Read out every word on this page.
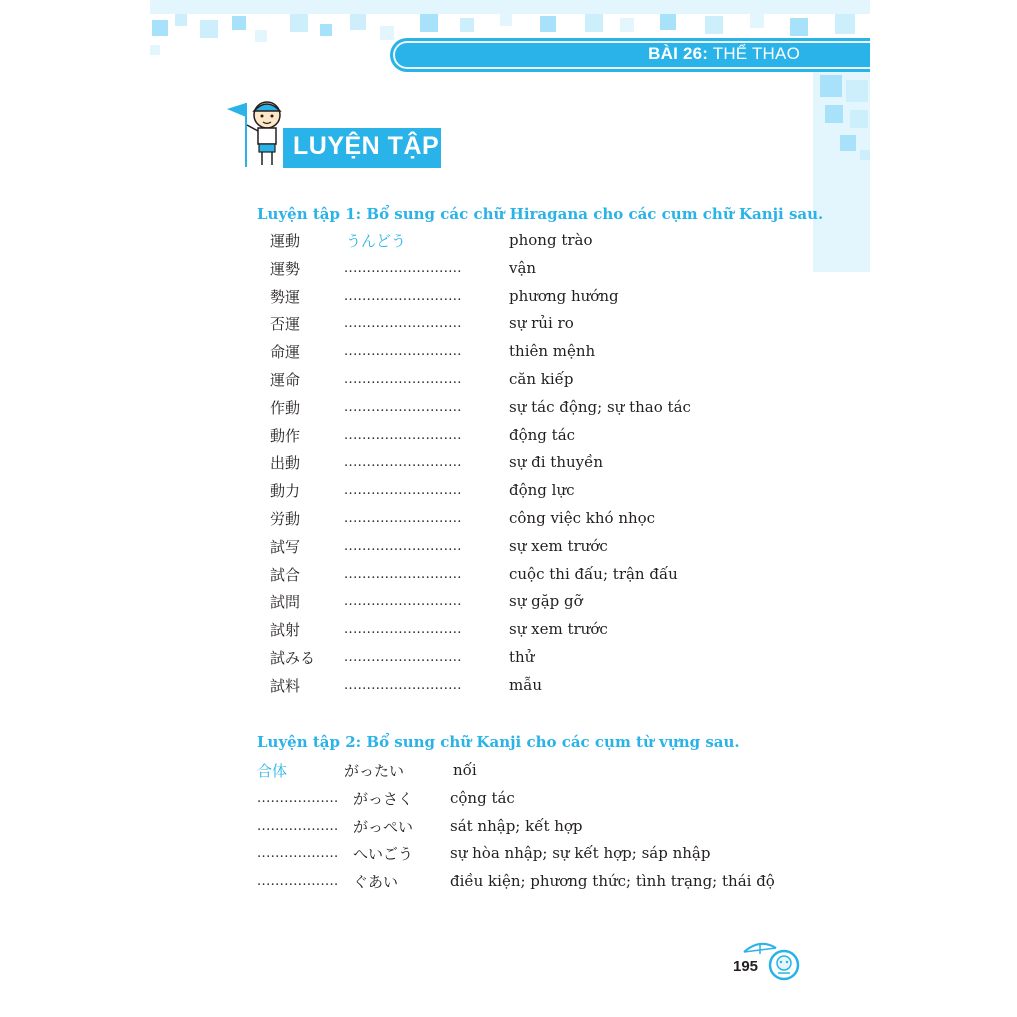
BÀI 26: THỂ THAO
LUYỆN TẬP
Luyện tập 1: Bổ sung các chữ Hiragana cho các cụm chữ Kanji sau.
運動	うんどう	phong trào
運勢	..........................	vận
勢運	..........................	phương hướng
否運	..........................	sự rủi ro
命運	..........................	thiên mệnh
運命	..........................	căn kiếp
作動	..........................	sự tác động; sự thao tác
動作	..........................	động tác
出動	..........................	sự đi thuyền
動力	..........................	động lực
労動	..........................	công việc khó nhọc
試写	..........................	sự xem trước
試合	..........................	cuộc thi đấu; trận đấu
試問	..........................	sự gặp gỡ
試射	..........................	sự xem trước
試みる ..........................	thử
試料	..........................	mẫu
Luyện tập 2: Bổ sung chữ Kanji cho các cụm từ vựng sau.
合体	がったい	nối
.................. がっさく cộng tác
.................. がっぺい sát nhập; kết hợp
.................. へいごう sự hòa nhập; sự kết hợp; sáp nhập
.................. ぐあい	điều kiện; phương thức; tình trạng; thái độ
195
